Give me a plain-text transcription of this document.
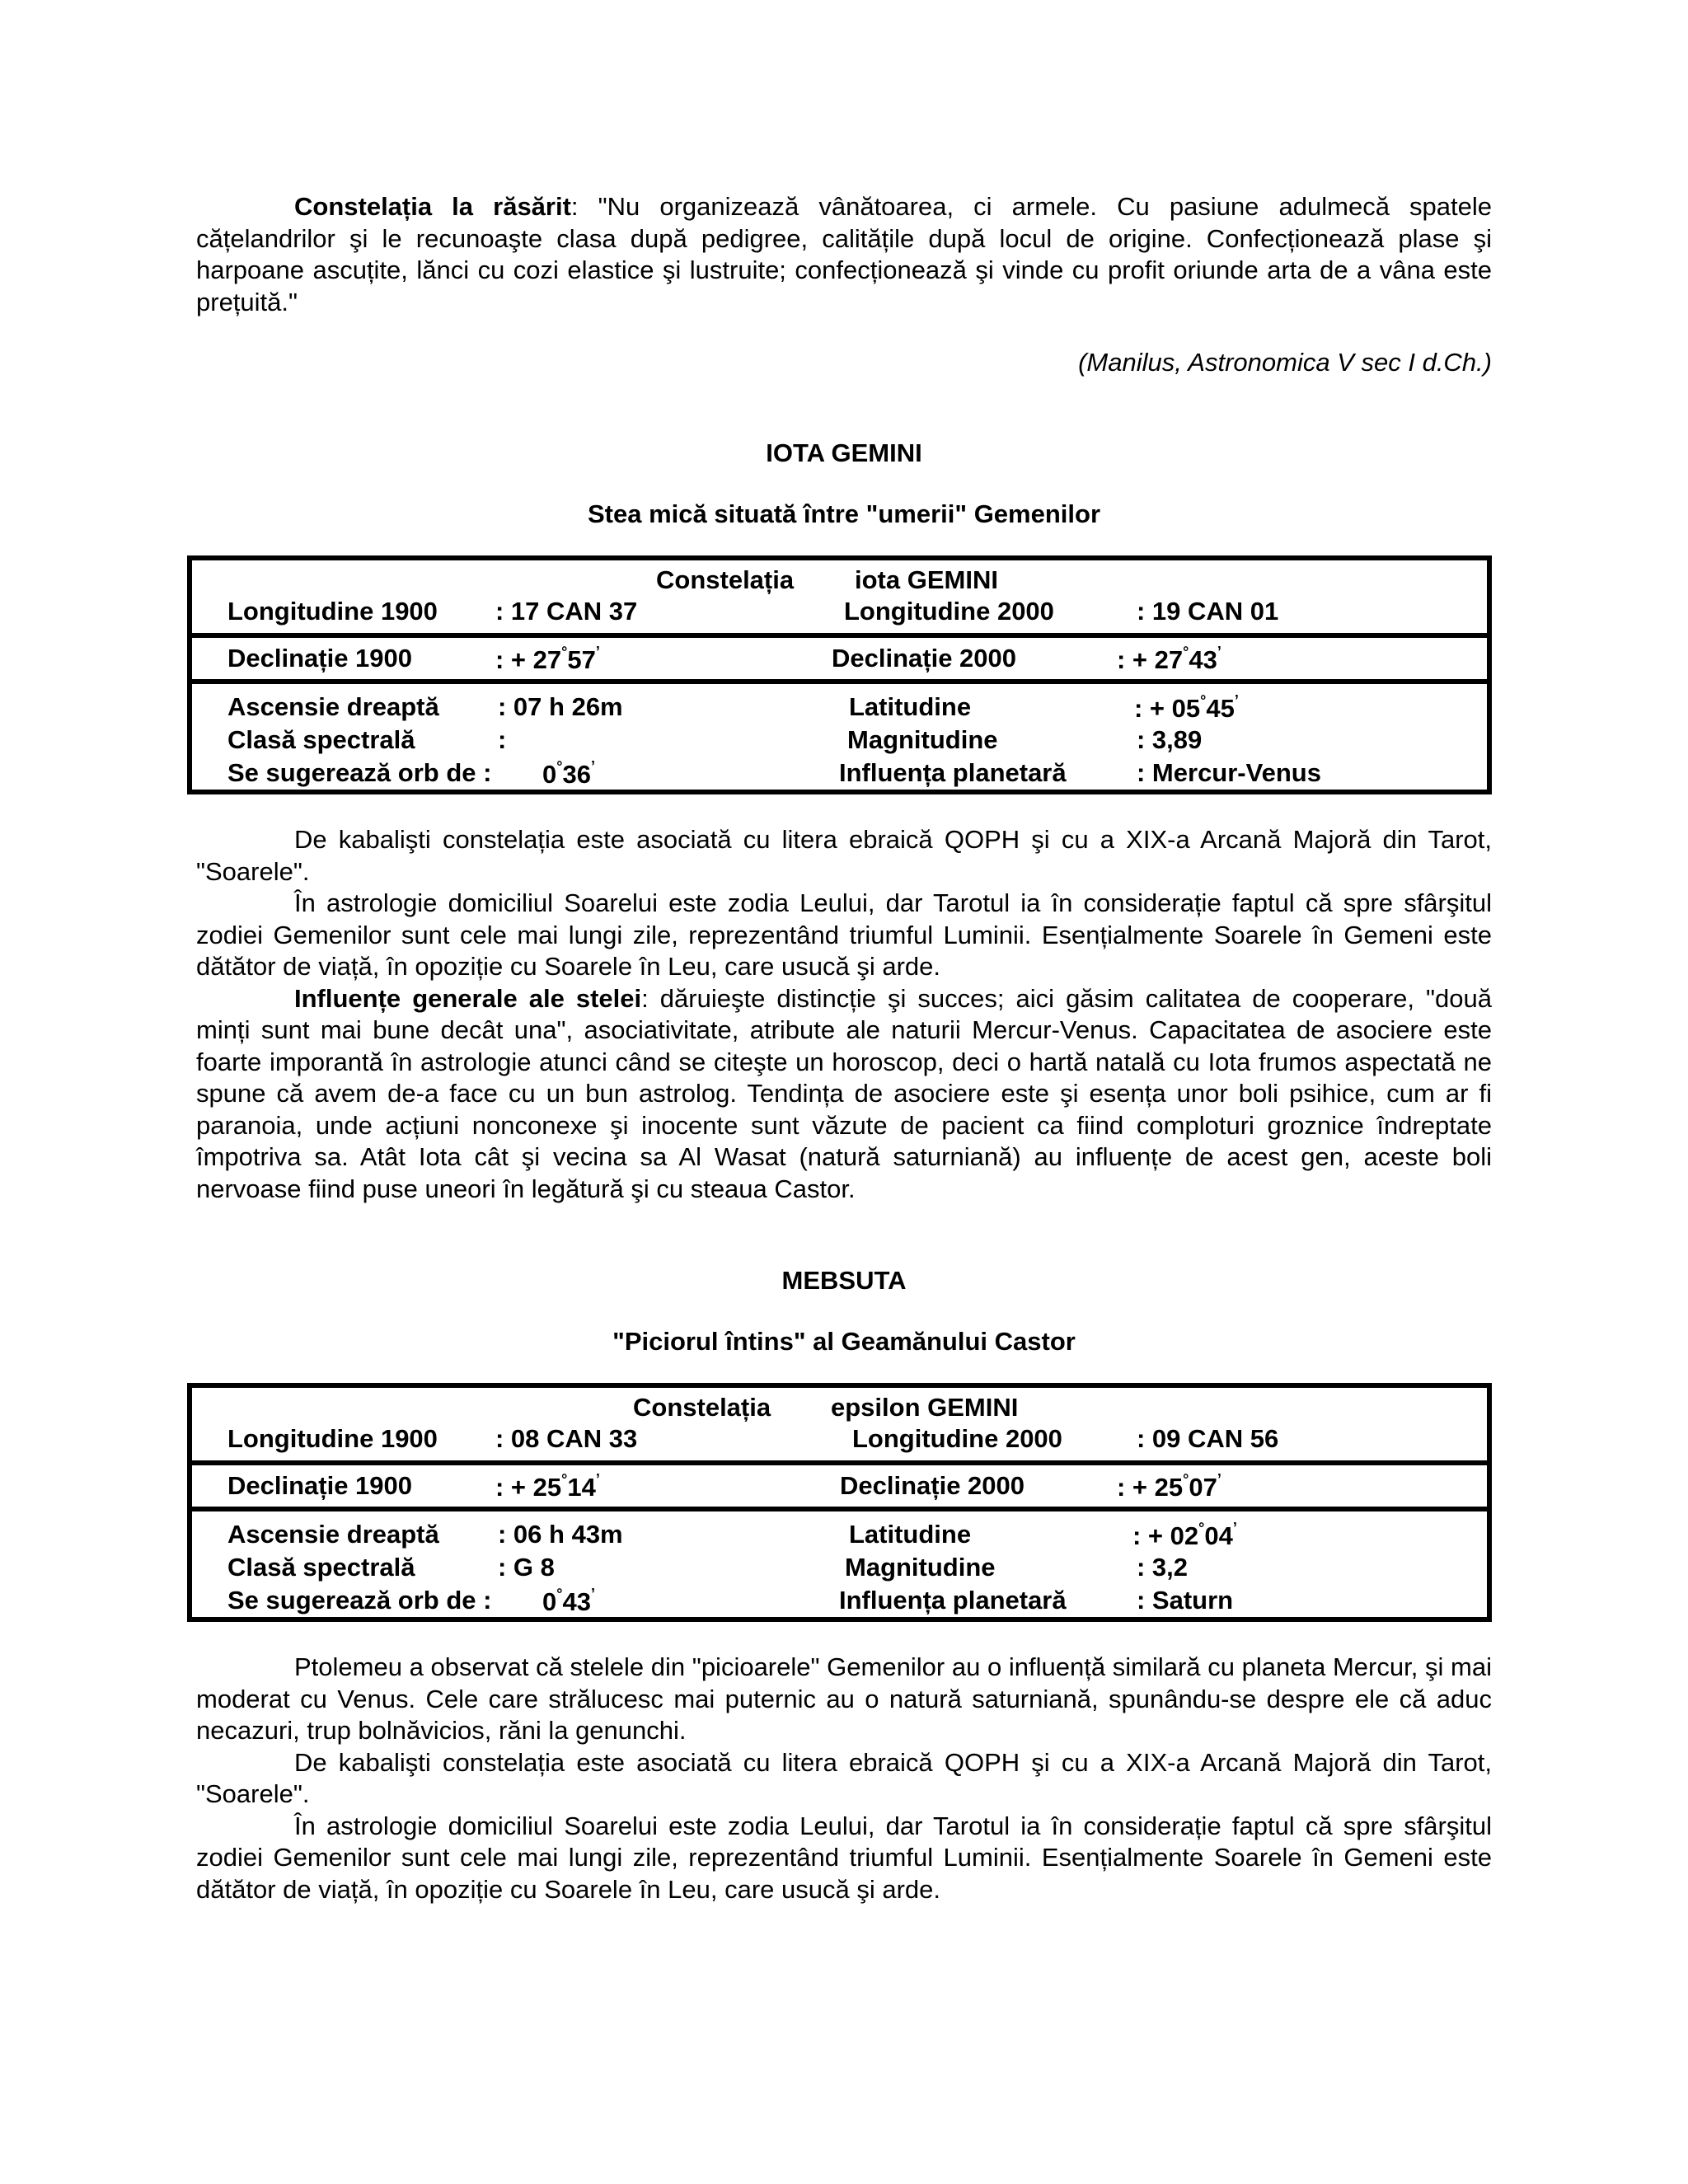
Constelația la răsărit: "Nu organizează vânătoarea, ci armele. Cu pasiune adulmecă spatele cățelandrilor şi le recunoaşte clasa după pedigree, calitățile după locul de origine. Confecționează plase şi harpoane ascuțite, lănci cu cozi elastice şi lustruite; confecționează şi vinde cu profit oriunde arta de a vâna este prețuită."

(Manilus, Astronomica V sec I d.Ch.)

IOTA GEMINI

Stea mică situată între "umerii" Gemenilor

Constelația iota GEMINI
Longitudine 1900 : 17 CAN 37	Longitudine 2000	: 19 CAN 01
Declinație 1900	: + 27°57’	Declinație 2000	: + 27°43’
Ascensie dreaptă : 07 h 26m	Latitudine	: + 05°45’
Clasă spectrală	:	Magnitudine	: 3,89
Se sugerează orb de : 0°36’	Influența planetară	: Mercur-Venus

De kabalişti constelația este asociată cu litera ebraică QOPH şi cu a XIX-a Arcană Majoră din Tarot, "Soarele".

În astrologie domiciliul Soarelui este zodia Leului, dar Tarotul ia în considerație faptul că spre sfârşitul zodiei Gemenilor sunt cele mai lungi zile, reprezentând triumful Luminii. Esențialmente Soarele în Gemeni este dătător de viață, în opoziție cu Soarele în Leu, care usucă şi arde.

Influențe generale ale stelei: dăruieşte distincție şi succes; aici găsim calitatea de cooperare, "două minți sunt mai bune decât una", asociativitate, atribute ale naturii Mercur-Venus. Capacitatea de asociere este foarte imporantă în astrologie atunci când se citeşte un horoscop, deci o hartă natală cu Iota frumos aspectată ne spune că avem de-a face cu un bun astrolog. Tendința de asociere este şi esența unor boli psihice, cum ar fi paranoia, unde acțiuni nonconexe şi inocente sunt văzute de pacient ca fiind comploturi groznice îndreptate împotriva sa. Atât Iota cât şi vecina sa Al Wasat (natură saturniană) au influențe de acest gen, aceste boli nervoase fiind puse uneori în legătură şi cu steaua Castor.

MEBSUTA

"Piciorul întins" al Geamănului Castor

Constelația epsilon GEMINI
Longitudine 1900 : 08 CAN 33	Longitudine 2000	: 09 CAN 56
Declinație 1900	: + 25°14’	Declinație 2000	: + 25°07’
Ascensie dreaptă : 06 h 43m	Latitudine	: + 02°04’
Clasă spectrală	: G 8	Magnitudine	: 3,2
Se sugerează orb de : 0°43’	Influența planetară	: Saturn

Ptolemeu a observat că stelele din "picioarele" Gemenilor au o influență similară cu planeta Mercur, şi mai moderat cu Venus. Cele care strălucesc mai puternic au o natură saturniană, spunându-se despre ele că aduc necazuri, trup bolnăvicios, răni la genunchi.

De kabalişti constelația este asociată cu litera ebraică QOPH şi cu a XIX-a Arcană Majoră din Tarot, "Soarele".

În astrologie domiciliul Soarelui este zodia Leului, dar Tarotul ia în considerație faptul că spre sfârşitul zodiei Gemenilor sunt cele mai lungi zile, reprezentând triumful Luminii. Esențialmente Soarele în Gemeni este dătător de viață, în opoziție cu Soarele în Leu, care usucă şi arde.
